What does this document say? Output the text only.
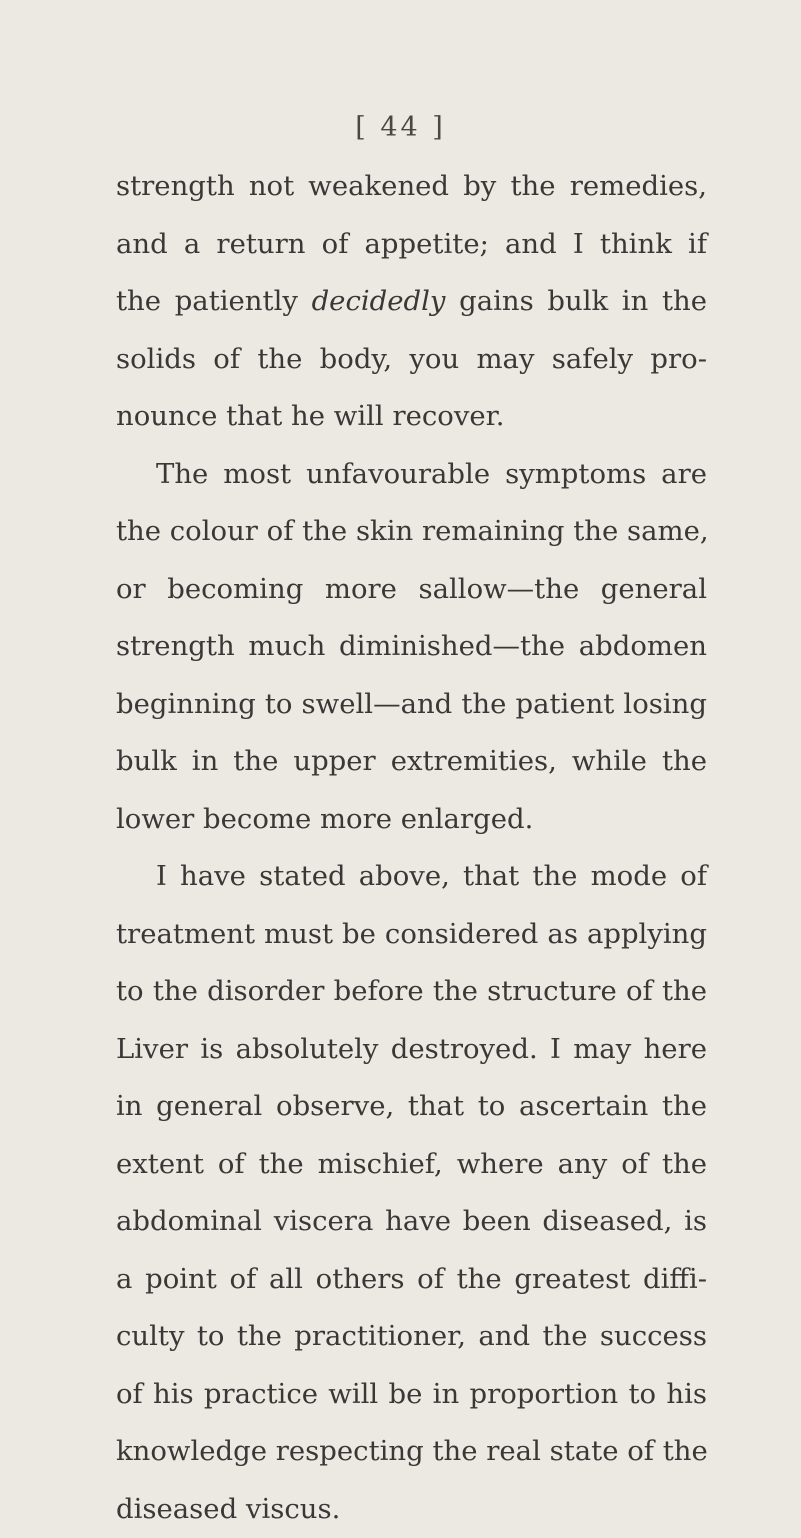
[ 44 ]
strength not weakened by the remedies,
and a return of appetite; and I think if
the patiently decidedly gains bulk in the
solids of the body, you may safely pro-
nounce that he will recover.
The most unfavourable symptoms are
the colour of the skin remaining the same,
or becoming more sallow—the general
strength much diminished—the abdomen
beginning to swell—and the patient losing
bulk in the upper extremities, while the
lower become more enlarged.
I have stated above, that the mode of
treatment must be considered as applying
to the disorder before the structure of the
Liver is absolutely destroyed. I may here
in general observe, that to ascertain the
extent of the mischief, where any of the
abdominal viscera have been diseased, is
a point of all others of the greatest diffi-
culty to the practitioner, and the success
of his practice will be in proportion to his
knowledge respecting the real state of the
diseased viscus.
